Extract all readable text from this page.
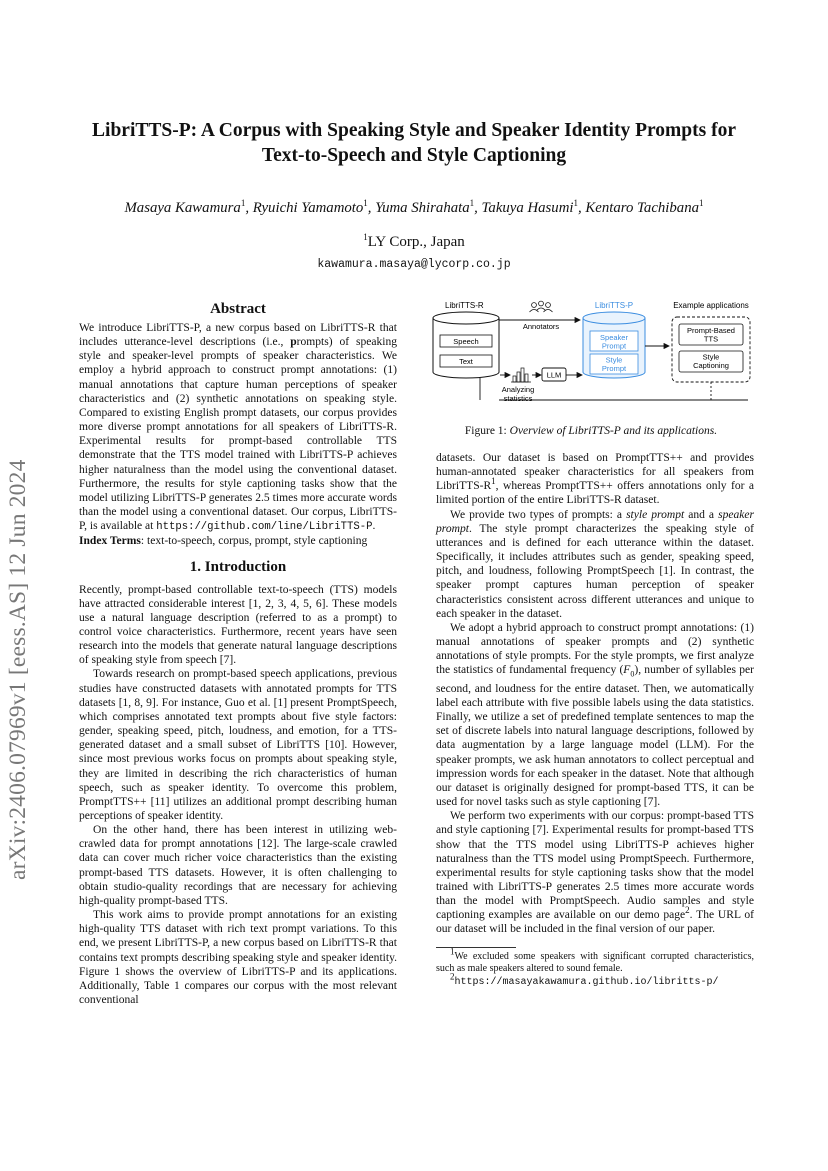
arXiv:2406.07969v1 [eess.AS] 12 Jun 2024
LibriTTS-P: A Corpus with Speaking Style and Speaker Identity Prompts for
Text-to-Speech and Style Captioning
Masaya Kawamura$^1$, Ryuichi Yamamoto$^1$, Yuma Shirahata$^1$, Takuya Hasumi$^1$, Kentaro Tachibana$^1$
$^1$LY Corp., Japan
kawamura.masaya@lycorp.co.jp
Abstract

We introduce LibriTTS-P, a new corpus based on LibriTTS-R that includes utterance-level descriptions (i.e., prompts) of speaking style and speaker-level prompts of speaker characteristics. We employ a hybrid approach to construct prompt annotations: (1) manual annotations that capture human perceptions of speaker characteristics and (2) synthetic annotations on speaking style. Compared to existing English prompt datasets, our corpus provides more diverse prompt annotations for all speakers of LibriTTS-R. Experimental results for prompt-based controllable TTS demonstrate that the TTS model trained with LibriTTS-P achieves higher naturalness than the model using the conventional dataset. Furthermore, the results for style captioning tasks show that the model utilizing LibriTTS-P generates 2.5 times more accurate words than the model using a conventional dataset. Our corpus, LibriTTS-P, is available at https://github.com/line/LibriTTS-P.

Index Terms: text-to-speech, corpus, prompt, style captioning

1. Introduction

Recently, prompt-based controllable text-to-speech (TTS) models have attracted considerable interest [1, 2, 3, 4, 5, 6]. These models use a natural language description (referred to as a prompt) to control voice characteristics. Furthermore, recent years have seen research into the models that generate natural language descriptions of speaking style from speech [7].

Towards research on prompt-based speech applications, previous studies have constructed datasets with annotated prompts for TTS datasets [1, 8, 9]. For instance, Guo et al. [1] present PromptSpeech, which comprises annotated text prompts about five style factors: gender, speaking speed, pitch, loudness, and emotion, for a TTS-generated dataset and a small subset of LibriTTS [10]. However, since most previous works focus on prompts about speaking style, they are limited in describing the rich characteristics of human speech, such as speaker identity. To overcome this problem, PromptTTS++ [11] utilizes an additional prompt describing human perceptions of speaker identity.

On the other hand, there has been interest in utilizing web-crawled data for prompt annotations [12]. The large-scale crawled data can cover much richer voice characteristics than the existing prompt-based TTS datasets. However, it is often challenging to obtain studio-quality recordings that are necessary for achieving high-quality prompt-based TTS.

This work aims to provide prompt annotations for an existing high-quality TTS dataset with rich text prompt variations. To this end, we present LibriTTS-P, a new corpus based on LibriTTS-R that contains text prompts describing speaking style and speaker identity. Figure 1 shows the overview of LibriTTS-P and its applications. Additionally, Table 1 compares our corpus with the most relevant conventional

LibriTTS-R
Speech
Text
Annotators
Analyzing
statistics
LLM
LibriTTS-P
Speaker
Prompt
Style
Prompt
Example applications
Prompt-Based
TTS
Style
Captioning
Figure 1: Overview of LibriTTS-P and its applications.

datasets. Our dataset is based on PromptTTS++ and provides human-annotated speaker characteristics for all speakers from LibriTTS-$R^1$, whereas PromptTTS++ offers annotations only for a limited portion of the entire LibriTTS-R dataset.

We provide two types of prompts: a style prompt and a speaker prompt. The style prompt characterizes the speaking style of utterances and is defined for each utterance within the dataset. Specifically, it includes attributes such as gender, speaking speed, pitch, and loudness, following PromptSpeech [1]. In contrast, the speaker prompt captures human perception of speaker characteristics consistent across different utterances and unique to each speaker in the dataset.

We adopt a hybrid approach to construct prompt annotations: (1) manual annotations of speaker prompts and (2) synthetic annotations of style prompts. For the style prompts, we first analyze the statistics of fundamental frequency $(F_0)$, number of syllables per second, and loudness for the entire dataset. Then, we automatically label each attribute with five possible labels using the data statistics. Finally, we utilize a set of predefined template sentences to map the set of discrete labels into natural language descriptions, followed by data augmentation by a large language model (LLM). For the speaker prompts, we ask human annotators to collect perceptual and impression words for each speaker in the dataset. Note that although our dataset is originally designed for prompt-based TTS, it can be used for novel tasks such as style captioning [7].

We perform two experiments with our corpus: prompt-based TTS and style captioning [7]. Experimental results for prompt-based TTS show that the TTS model using LibriTTS-P achieves higher naturalness than the TTS model using PromptSpeech. Furthermore, experimental results for style captioning tasks show that the model trained with LibriTTS-P generates 2.5 times more accurate words than the model with PromptSpeech. Audio samples and style captioning examples are available on our demo page$^2$. The URL of our dataset will be included in the final version of our paper.

1We excluded some speakers with significant corrupted characteristics, such as male speakers altered to sound female.

2https://masayakawamura.github.io/libritts-p/
